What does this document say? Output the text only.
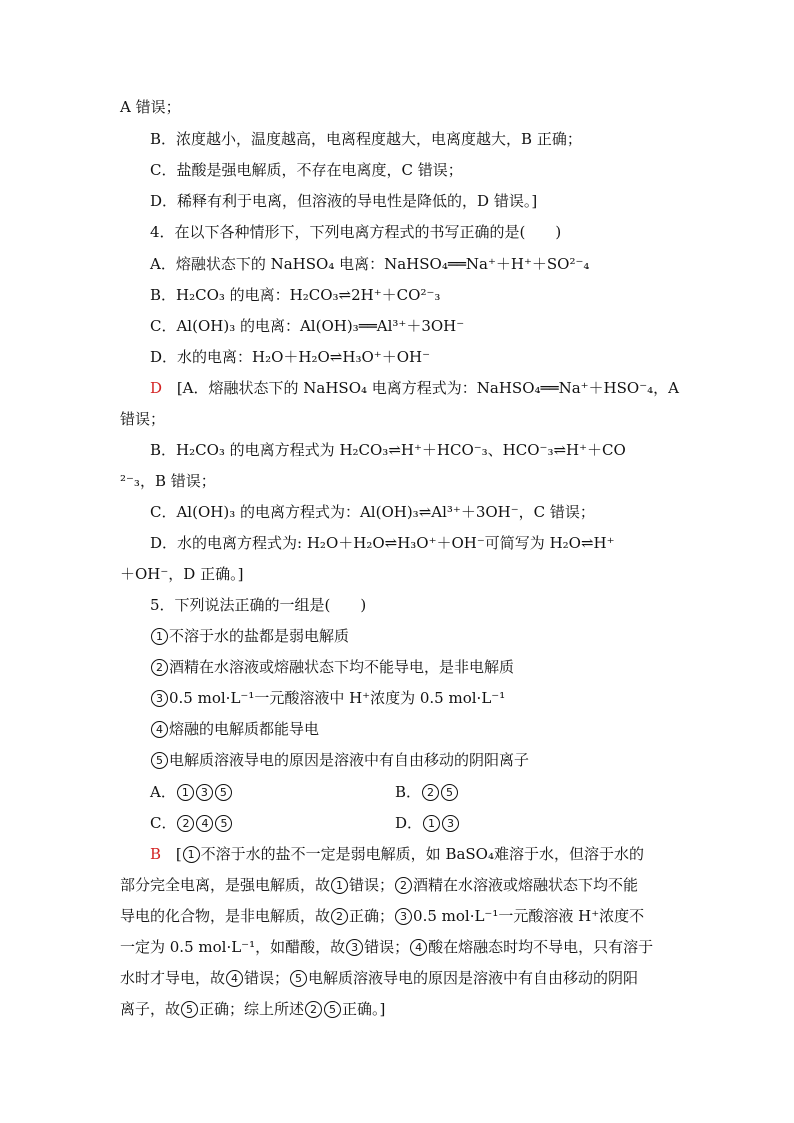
A 错误；
B．浓度越小，温度越高，电离程度越大，电离度越大，B 正确；
C．盐酸是强电解质，不存在电离度，C 错误；
D．稀释有利于电离，但溶液的导电性是降低的，D 错误。]
4．在以下各种情形下，下列电离方程式的书写正确的是(　　)
A．熔融状态下的 NaHSO₄ 电离：NaHSO₄══Na⁺＋H⁺＋SO²⁻₄
B．H₂CO₃ 的电离：H₂CO₃⇌2H⁺＋CO²⁻₃
C．Al(OH)₃ 的电离：Al(OH)₃══Al³⁺＋3OH⁻
D．水的电离：H₂O＋H₂O⇌H₃O⁺＋OH⁻
D [A．熔融状态下的 NaHSO₄ 电离方程式为：NaHSO₄══Na⁺＋HSO⁻₄，A
错误；
B．H₂CO₃ 的电离方程式为 H₂CO₃⇌H⁺＋HCO⁻₃、HCO⁻₃⇌H⁺＋CO
²⁻₃，B 错误；
C．Al(OH)₃ 的电离方程式为：Al(OH)₃⇌Al³⁺＋3OH⁻，C 错误；
D．水的电离方程式为: H₂O＋H₂O⇌H₃O⁺＋OH⁻可简写为 H₂O⇌H⁺
＋OH⁻，D 正确。]
5．下列说法正确的一组是(　　)
1 不溶于水的盐都是弱电解质
2 酒精在水溶液或熔融状态下均不能导电，是非电解质
3 0.5 mol·L⁻¹一元酸溶液中 H⁺浓度为 0.5 mol·L⁻¹
4 熔融的电解质都能导电
5 电解质溶液导电的原因是溶液中有自由移动的阴阳离子
A． 1 3 5	B． 2 5
C． 2 4 5	D． 1 3
B [ 1 不溶于水的盐不一定是弱电解质，如 BaSO₄难溶于水，但溶于水的
部分完全电离，是强电解质，故 1 错误； 2 酒精在水溶液或熔融状态下均不能
导电的化合物，是非电解质，故 2 正确； 3 0.5 mol·L⁻¹一元酸溶液 H⁺浓度不
一定为 0.5 mol·L⁻¹，如醋酸，故 3 错误； 4 酸在熔融态时均不导电，只有溶于
水时才导电，故 4 错误； 5 电解质溶液导电的原因是溶液中有自由移动的阴阳
离子，故 5 正确；综上所述 2 5 正确。]
